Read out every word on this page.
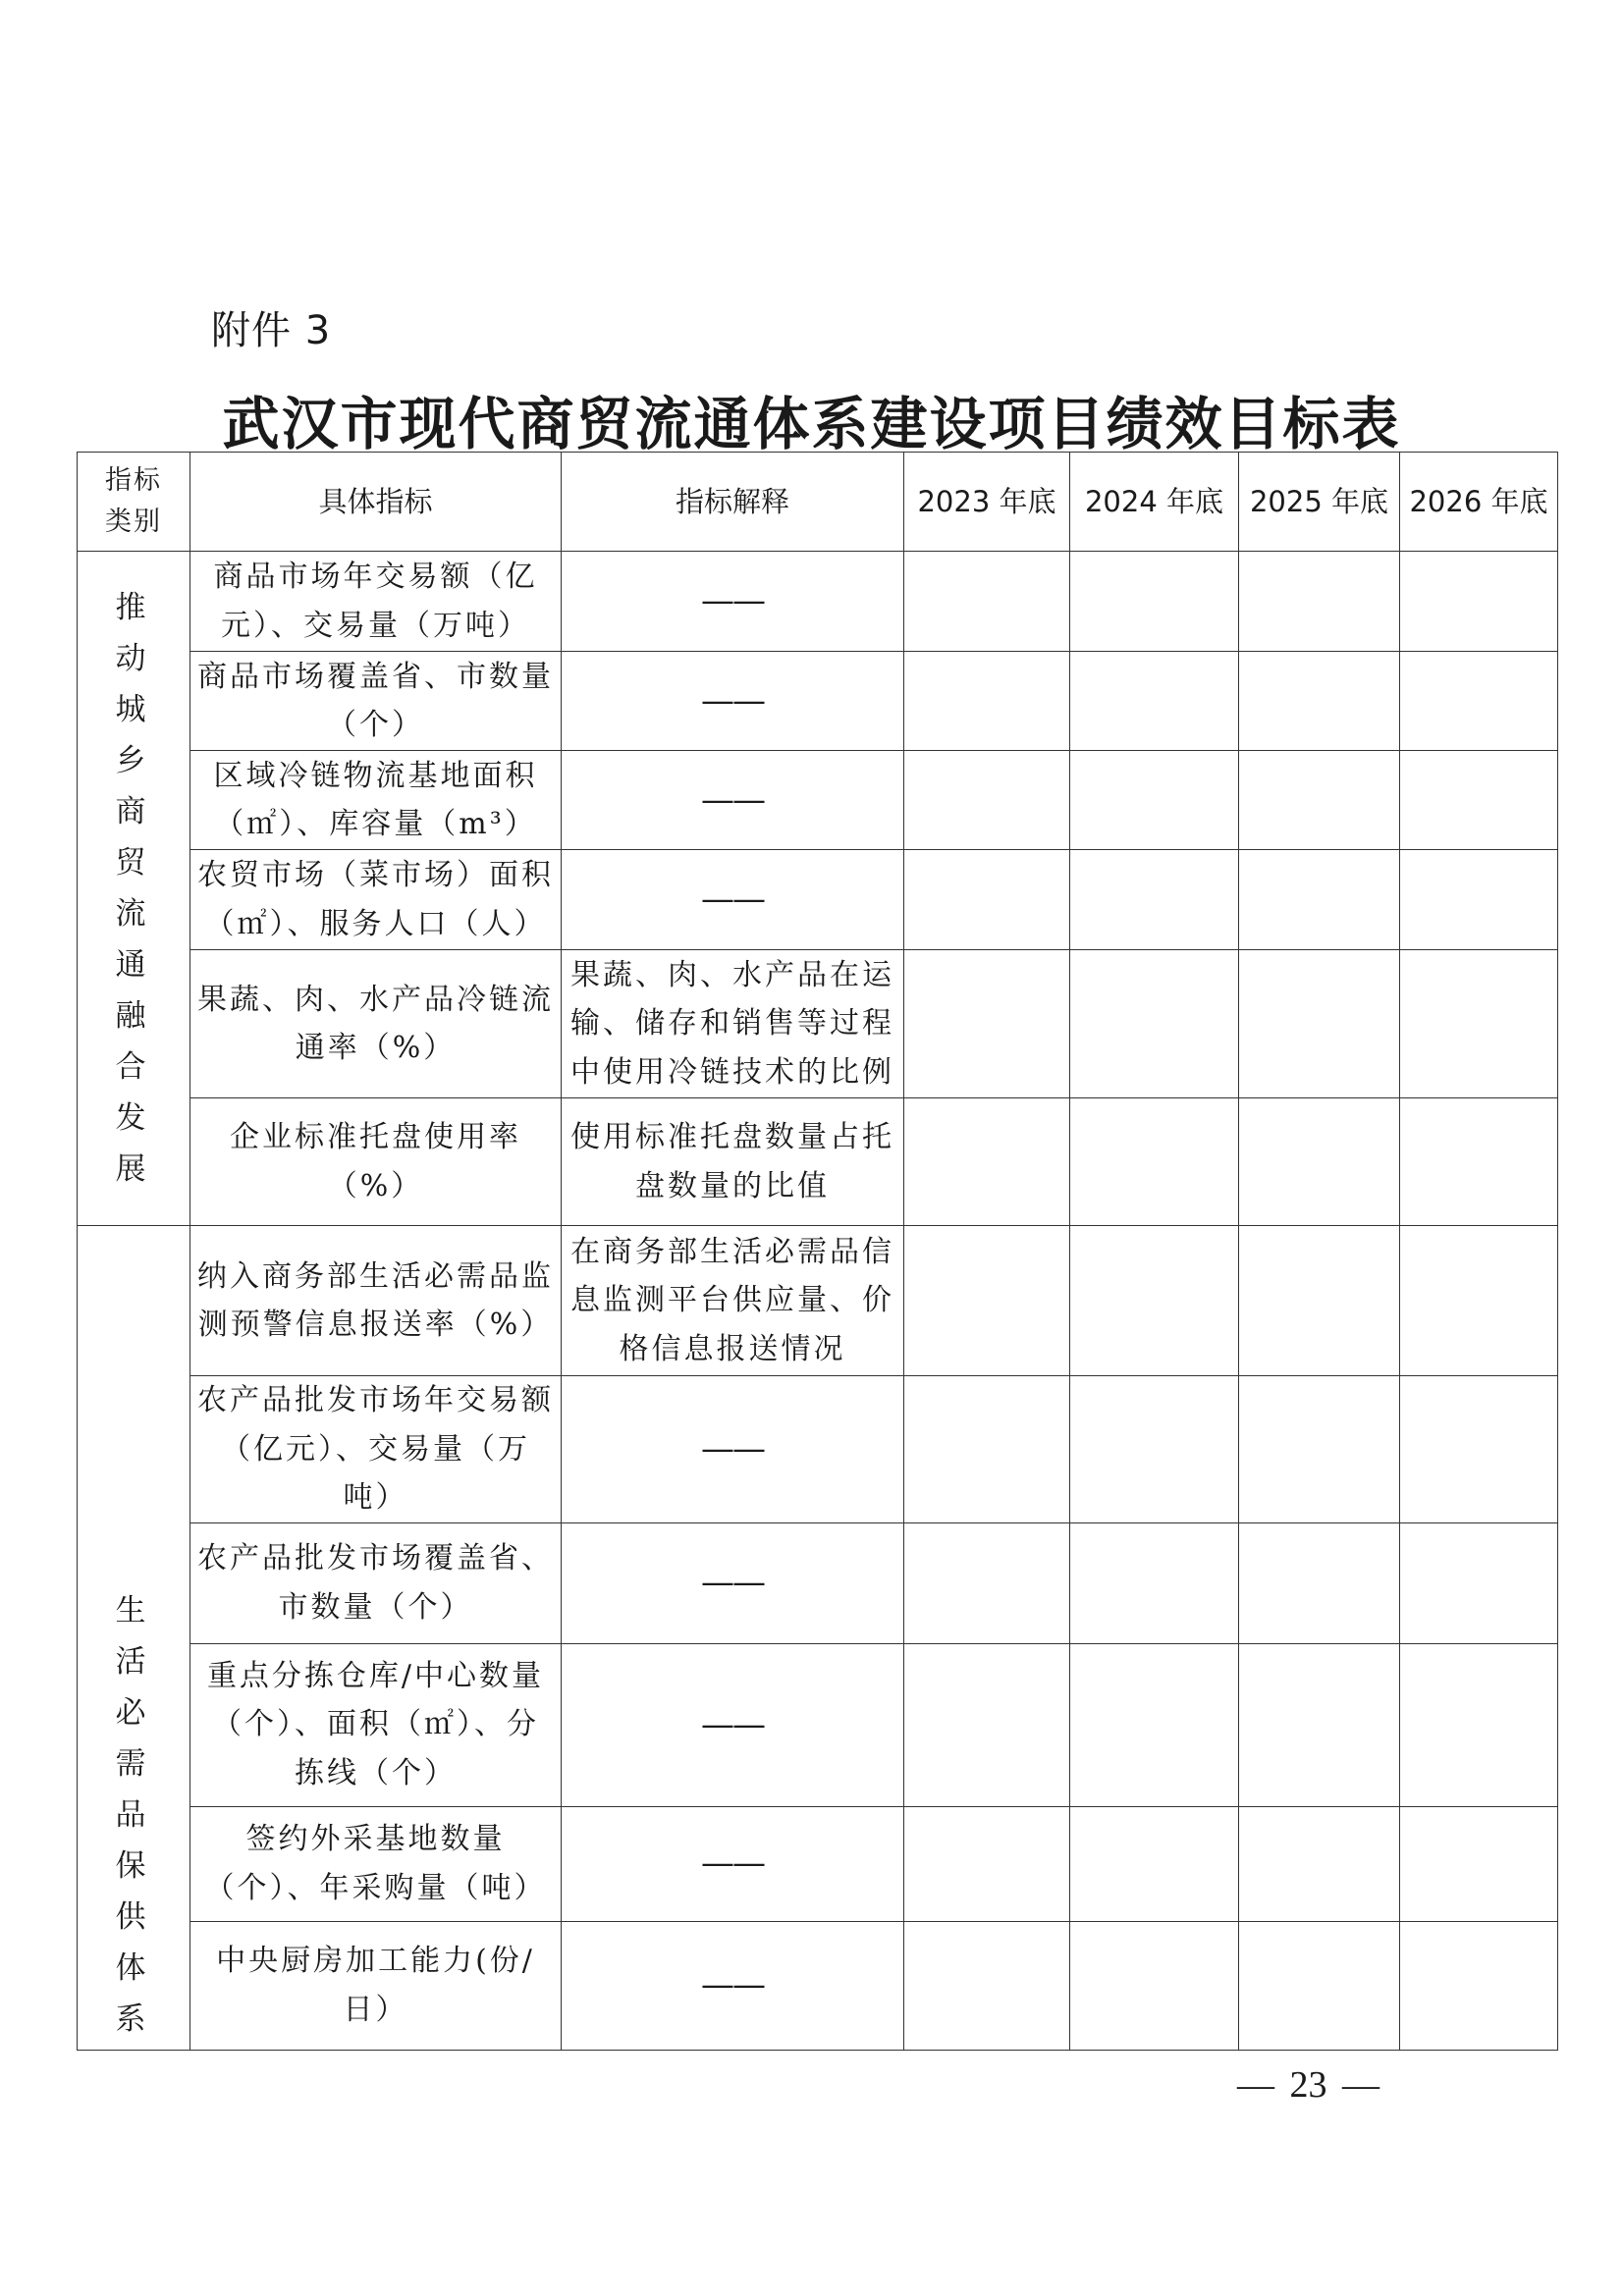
附件 3
武汉市现代商贸流通体系建设项目绩效目标表
指标类别	具体指标	指标解释	2023 年底	2024 年底	2025 年底	2026 年底
推动城乡商贸流通融合发展	商品市场年交易额（亿元）、交易量（万吨）	——				
	商品市场覆盖省、市数量（个）	——				
	区域冷链物流基地面积（㎡）、库容量（m³）	——				
	农贸市场（菜市场）面积（㎡）、服务人口（人）	——				
	果蔬、肉、水产品冷链流通率（%）	果蔬、肉、水产品在运输、储存和销售等过程中使用冷链技术的比例				
	企业标准托盘使用率（%）	使用标准托盘数量占托盘数量的比值				
生活必需品保供体系	纳入商务部生活必需品监测预警信息报送率（%）	在商务部生活必需品信息监测平台供应量、价格信息报送情况				
	农产品批发市场年交易额（亿元）、交易量（万吨）	——				
	农产品批发市场覆盖省、市数量（个）	——				
	重点分拣仓库/中心数量（个）、面积（㎡）、分拣线（个）	——				
	签约外采基地数量（个）、年采购量（吨）	——				
	中央厨房加工能力(份/日）	——				
— 23 —
